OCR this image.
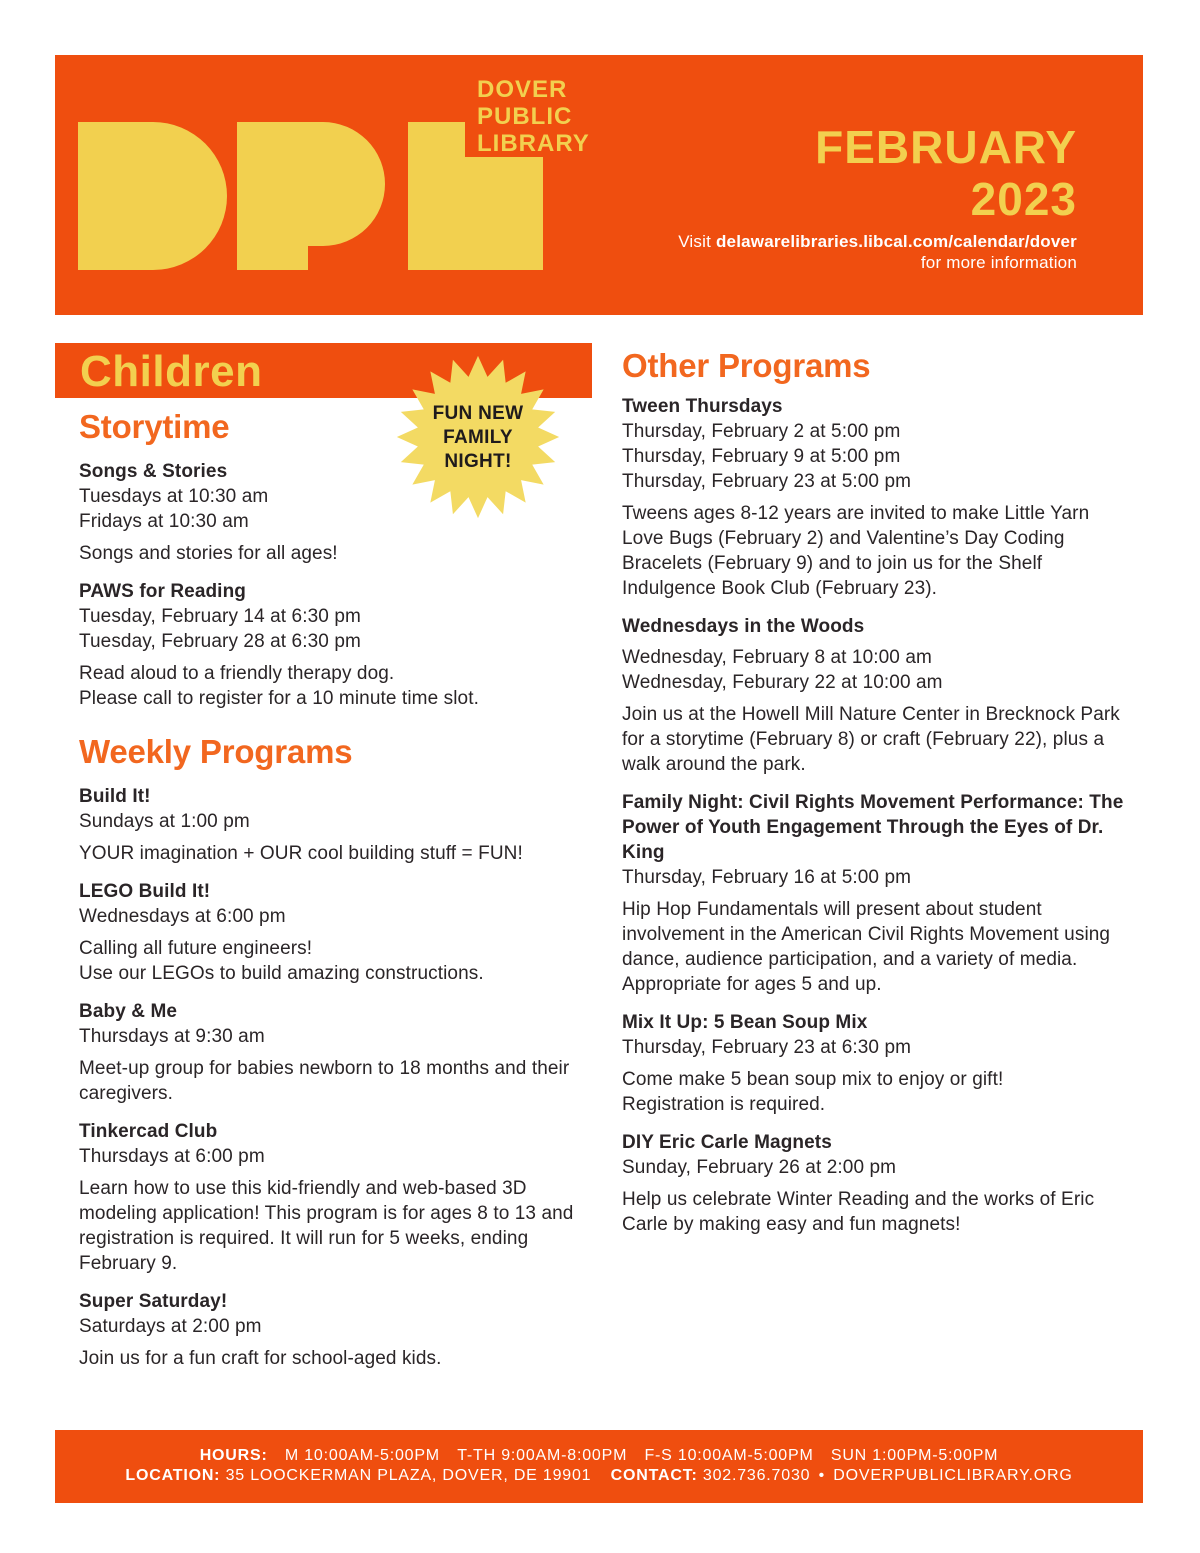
DOVER
PUBLIC
LIBRARY	FEBRUARY
2023
Visit delawarelibraries.libcal.com/calendar/dover
for more information
Children
FUN NEW
FAMILY
NIGHT!
Storytime
Songs & Stories
Tuesdays at 10:30 am
Fridays at 10:30 am
Songs and stories for all ages!
PAWS for Reading
Tuesday, February 14 at 6:30 pm
Tuesday, February 28 at 6:30 pm
Read aloud to a friendly therapy dog.
Please call to register for a 10 minute time slot.
Weekly Programs
Build It!
Sundays at 1:00 pm
YOUR imagination + OUR cool building stuff = FUN!
LEGO Build It!
Wednesdays at 6:00 pm
Calling all future engineers!
Use our LEGOs to build amazing constructions.
Baby & Me
Thursdays at 9:30 am
Meet-up group for babies newborn to 18 months and their caregivers.
Tinkercad Club
Thursdays at 6:00 pm
Learn how to use this kid-friendly and web-based 3D modeling application! This program is for ages 8 to 13 and registration is required. It will run for 5 weeks, ending February 9.
Super Saturday!
Saturdays at 2:00 pm
Join us for a fun craft for school-aged kids.
Other Programs
Tween Thursdays
Thursday, February 2 at 5:00 pm
Thursday, February 9 at 5:00 pm
Thursday, February 23 at 5:00 pm
Tweens ages 8-12 years are invited to make Little Yarn Love Bugs (February 2) and Valentine’s Day Coding Bracelets (February 9) and to join us for the Shelf Indulgence Book Club (February 23).
Wednesdays in the Woods
Wednesday, February 8 at 10:00 am
Wednesday, Feburary 22 at 10:00 am
Join us at the Howell Mill Nature Center in Brecknock Park for a storytime (February 8) or craft (February 22), plus a walk around the park.
Family Night: Civil Rights Movement Performance: The Power of Youth Engagement Through the Eyes of Dr. King
Thursday, February 16 at 5:00 pm
Hip Hop Fundamentals will present about student involvement in the American Civil Rights Movement using dance, audience participation, and a variety of media. Appropriate for ages 5 and up.
Mix It Up: 5 Bean Soup Mix
Thursday, February 23 at 6:30 pm
Come make 5 bean soup mix to enjoy or gift!
Registration is required.
DIY Eric Carle Magnets
Sunday, February 26 at 2:00 pm
Help us celebrate Winter Reading and the works of Eric Carle by making easy and fun magnets!
HOURS: M 10:00AM-5:00PM T-TH 9:00AM-8:00PM F-S 10:00AM-5:00PM SUN 1:00PM-5:00PM
LOCATION: 35 LOOCKERMAN PLAZA, DOVER, DE 19901 CONTACT: 302.736.7030 • DOVERPUBLICLIBRARY.ORG
